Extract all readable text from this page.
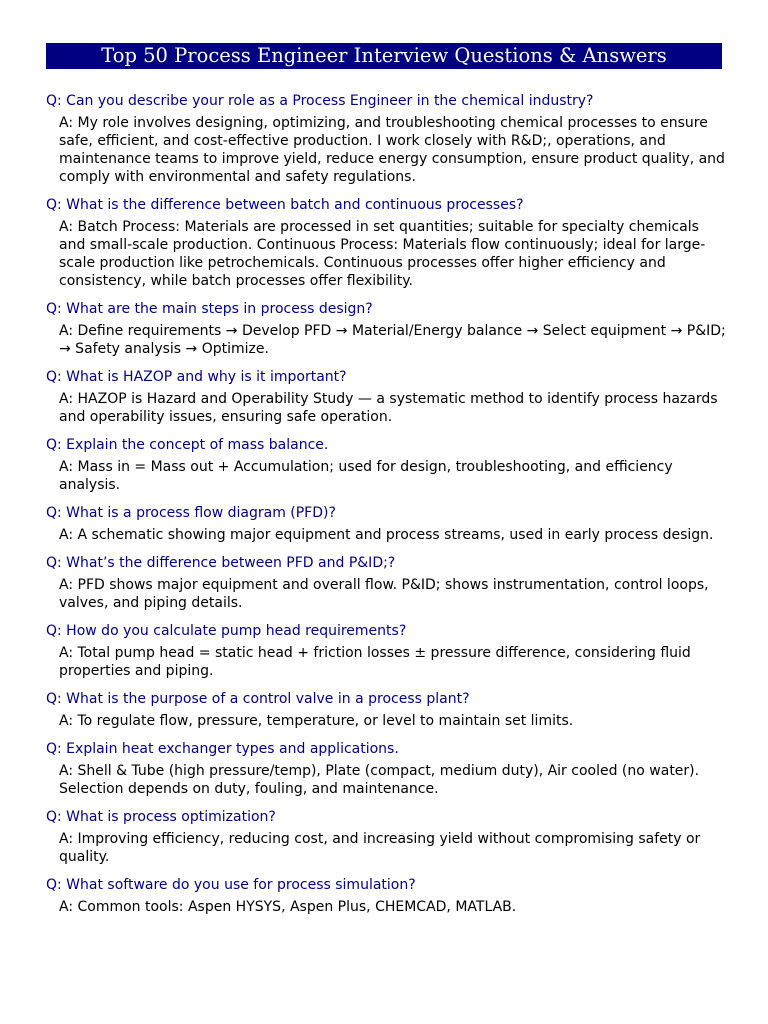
Top 50 Process Engineer Interview Questions & Answers
Q: Can you describe your role as a Process Engineer in the chemical industry?
A: My role involves designing, optimizing, and troubleshooting chemical processes to ensure safe, efficient, and cost-effective production. I work closely with R&D;, operations, and maintenance teams to improve yield, reduce energy consumption, ensure product quality, and comply with environmental and safety regulations.
Q: What is the difference between batch and continuous processes?
A: Batch Process: Materials are processed in set quantities; suitable for specialty chemicals and small-scale production. Continuous Process: Materials flow continuously; ideal for large-scale production like petrochemicals. Continuous processes offer higher efficiency and consistency, while batch processes offer flexibility.
Q: What are the main steps in process design?
A: Define requirements → Develop PFD → Material/Energy balance → Select equipment → P&ID; → Safety analysis → Optimize.
Q: What is HAZOP and why is it important?
A: HAZOP is Hazard and Operability Study — a systematic method to identify process hazards and operability issues, ensuring safe operation.
Q: Explain the concept of mass balance.
A: Mass in = Mass out + Accumulation; used for design, troubleshooting, and efficiency analysis.
Q: What is a process flow diagram (PFD)?
A: A schematic showing major equipment and process streams, used in early process design.
Q: What’s the difference between PFD and P&ID;?
A: PFD shows major equipment and overall flow. P&ID; shows instrumentation, control loops, valves, and piping details.
Q: How do you calculate pump head requirements?
A: Total pump head = static head + friction losses ± pressure difference, considering fluid properties and piping.
Q: What is the purpose of a control valve in a process plant?
A: To regulate flow, pressure, temperature, or level to maintain set limits.
Q: Explain heat exchanger types and applications.
A: Shell & Tube (high pressure/temp), Plate (compact, medium duty), Air cooled (no water). Selection depends on duty, fouling, and maintenance.
Q: What is process optimization?
A: Improving efficiency, reducing cost, and increasing yield without compromising safety or quality.
Q: What software do you use for process simulation?
A: Common tools: Aspen HYSYS, Aspen Plus, CHEMCAD, MATLAB.
